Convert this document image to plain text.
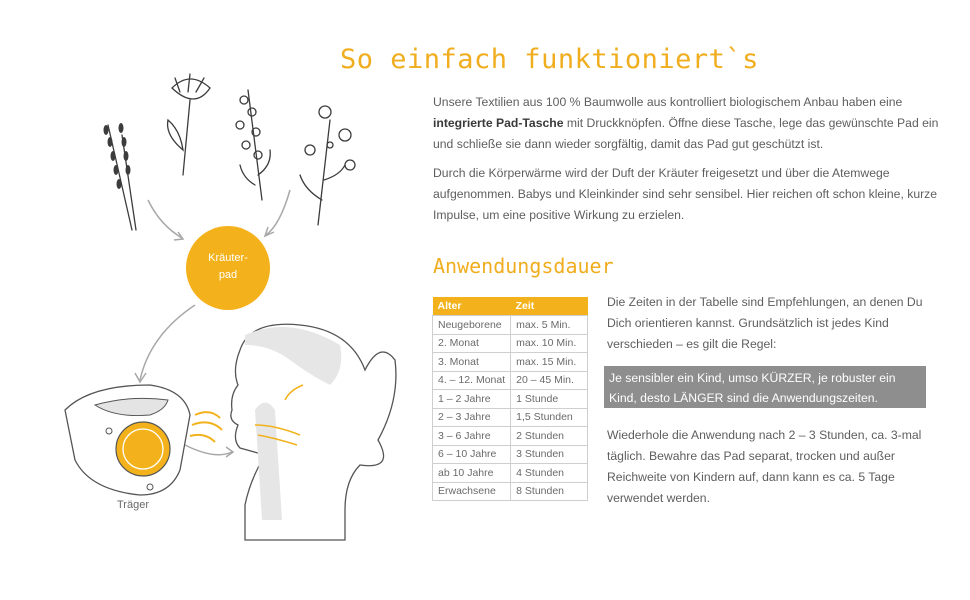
Kräuter-
pad
Träger
So einfach funktioniert`s

Unsere Textilien aus 100 % Baumwolle aus kontrolliert biologischem Anbau haben eine integrierte Pad-Tasche mit Druckknöpfen. Öffne diese Tasche, lege das gewünschte Pad ein und schließe sie dann wieder sorgfältig, damit das Pad gut geschützt ist.

Durch die Körperwärme wird der Duft der Kräuter freigesetzt und über die Atemwege aufgenommen. Babys und Kleinkinder sind sehr sensibel. Hier reichen oft schon kleine, kurze Impulse, um eine positive Wirkung zu erzielen.

Anwendungsdauer
Alter	Zeit
Neugeborene	max. 5 Min.
2. Monat	max. 10 Min.
3. Monat	max. 15 Min.
4. – 12. Monat	20 – 45 Min.
1 – 2 Jahre	1 Stunde
2 – 3 Jahre	1,5 Stunden
3 – 6 Jahre	2 Stunden
6 – 10 Jahre	3 Stunden
ab 10 Jahre	4 Stunden
Erwachsene	8 Stunden

Die Zeiten in der Tabelle sind Empfehlungen, an denen Du Dich orientieren kannst. Grundsätzlich ist jedes Kind verschieden – es gilt die Regel:

Je sensibler ein Kind, umso KÜRZER, je robuster ein Kind, desto LÄNGER sind die Anwendungszeiten.

Wiederhole die Anwendung nach 2 – 3 Stunden, ca. 3-mal täglich. Bewahre das Pad separat, trocken und außer Reichweite von Kindern auf, dann kann es ca. 5 Tage verwendet werden.
